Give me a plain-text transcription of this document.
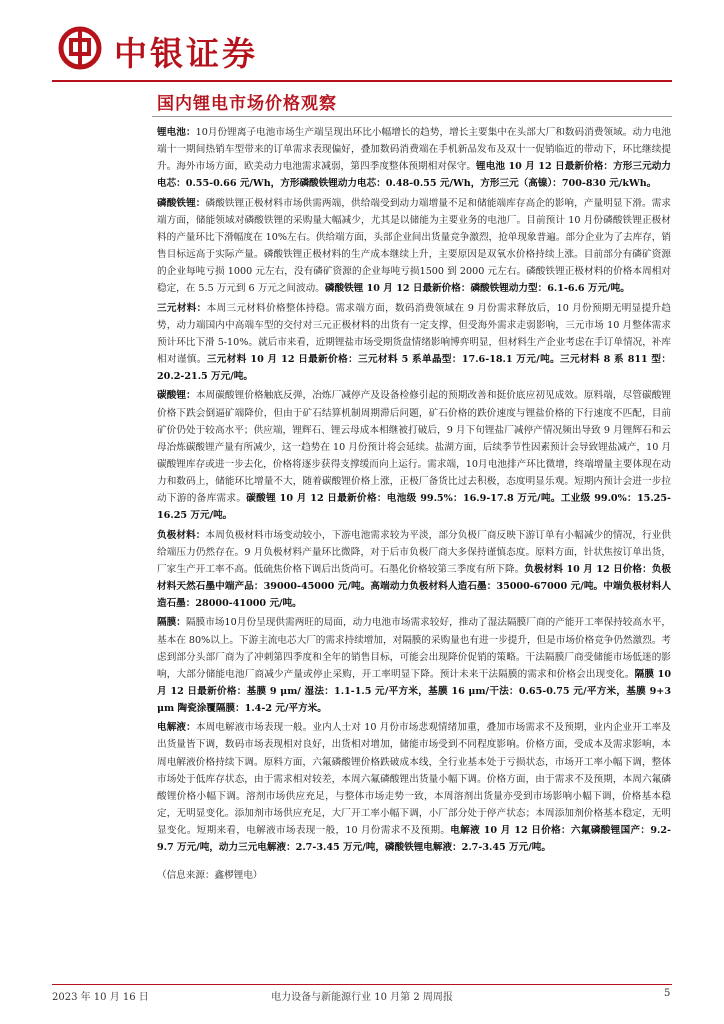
中银证券
国内锂电市场价格观察

锂电池：10月份锂离子电池市场生产端呈现出环比小幅增长的趋势，增长主要集中在头部大厂和数码消费领域。动力电池端十一期间热销车型带来的订单需求表现偏好，叠加数码消费端在手机新品发布及双十一促销临近的带动下，环比继续提升。海外市场方面，欧美动力电池需求减弱，第四季度整体预期相对保守。锂电池 10 月 12 日最新价格：方形三元动力电芯：0.55-0.66 元/Wh，方形磷酸铁锂动力电芯：0.48-0.55 元/Wh，方形三元（高镍）：700-830 元/kWh。

磷酸铁锂：磷酸铁锂正极材料市场供需两端，供给端受到动力端增量不足和储能端库存高企的影响，产量明显下滑。需求端方面，储能领域对磷酸铁锂的采购量大幅减少，尤其是以储能为主要业务的电池厂。目前预计 10 月份磷酸铁锂正极材料的产量环比下滑幅度在 10%左右。供给端方面，头部企业间出货量竞争激烈，抢单现象普遍。部分企业为了去库存，销售目标远高于实际产量。磷酸铁锂正极材料的生产成本继续上升，主要原因是双氧水价格持续上涨。目前部分有磷矿资源的企业每吨亏损 1000 元左右，没有磷矿资源的企业每吨亏损1500 到 2000 元左右。磷酸铁锂正极材料的价格本周相对稳定，在 5.5 万元到 6 万元之间波动。磷酸铁锂 10 月 12 日最新价格：磷酸铁锂动力型：6.1-6.6 万元/吨。

三元材料：本周三元材料价格整体持稳。需求端方面，数码消费领域在 9 月份需求释放后，10 月份预期无明显提升趋势，动力端国内中高端车型的交付对三元正极材料的出货有一定支撑，但受海外需求走弱影响，三元市场 10 月整体需求预计环比下滑 5-10%。就后市来看，近期锂盐市场受期货盘情绪影响博弈明显，但材料生产企业考虑在手订单情况，补库相对谨慎。三元材料 10 月 12 日最新价格：三元材料 5 系单晶型：17.6-18.1 万元/吨。三元材料 8 系 811 型：20.2-21.5 万元/吨。

碳酸锂：本周碳酸锂价格触底反弹，冶炼厂减停产及设备检修引起的预期改善和挺价底应初见成效。原料端，尽管碳酸锂价格下跌会倒逼矿端降价，但由于矿石结算机制周期滞后问题，矿石价格的跌价速度与锂盐价格的下行速度不匹配，目前矿价仍处于较高水平；供应端，锂辉石、锂云母成本相继被打破后，9 月下旬锂盐厂减停产情况频出导致 9 月锂辉石和云母冶炼碳酸锂产量有所减少，这一趋势在 10 月份预计将会延续。盐湖方面，后续季节性因素预计会导致锂盐减产，10 月碳酸锂库存或进一步去化，价格将逐步获得支撑缓而向上运行。需求端，10月电池排产环比微增，终端增量主要体现在动力和数码上，储能环比增量不大，随着碳酸锂价格上涨，正极厂备货比过去积极，态度明显乐观。短期内预计会进一步拉动下游的备库需求。碳酸锂 10 月 12 日最新价格：电池级 99.5%：16.9-17.8 万元/吨。工业级 99.0%：15.25-16.25 万元/吨。

负极材料：本周负极材料市场变动较小，下游电池需求较为平淡，部分负极厂商反映下游订单有小幅减少的情况，行业供给端压力仍然存在。9 月负极材料产量环比微降，对于后市负极厂商大多保持谨慎态度。原料方面，针状焦按订单出货，厂家生产开工率不高。低硫焦价格下调后出货尚可。石墨化价格较第三季度有所下降。负极材料 10 月 12 日价格：负极材料天然石墨中端产品：39000-45000 元/吨。高端动力负极材料人造石墨：35000-67000 元/吨。中端负极材料人造石墨：28000-41000 元/吨。

隔膜：隔膜市场10月份呈现供需两旺的局面，动力电池市场需求较好，推动了湿法隔膜厂商的产能开工率保持较高水平，基本在 80%以上。下游主流电芯大厂的需求持续增加，对隔膜的采购量也有进一步提升，但是市场价格竞争仍然激烈。考虑到部分头部厂商为了冲刺第四季度和全年的销售目标，可能会出现降价促销的策略。干法隔膜厂商受储能市场低迷的影响，大部分储能电池厂商减少产量或停止采购，开工率明显下降。预计未来干法隔膜的需求和价格会出现变化。隔膜 10 月 12 日最新价格：基膜 9 μm/ 湿法：1.1-1.5 元/平方米，基膜 16 μm/干法：0.65-0.75 元/平方米，基膜 9+3 μm 陶瓷涂覆隔膜：1.4-2 元/平方米。

电解液：本周电解液市场表现一般。业内人士对 10 月份市场悲观情绪加重，叠加市场需求不及预期，业内企业开工率及出货量皆下调，数码市场表现相对良好，出货相对增加，储能市场受到不同程度影响。价格方面，受成本及需求影响，本周电解液价格持续下调。原料方面，六氟磷酸锂价格跌破成本线，全行业基本处于亏损状态，市场开工率小幅下调，整体市场处于低库存状态，由于需求相对较差，本周六氟磷酸锂出货量小幅下调。价格方面，由于需求不及预期，本周六氟磷酸锂价格小幅下调。溶剂市场供应充足，与整体市场走势一致，本周溶剂出货量亦受到市场影响小幅下调，价格基本稳定，无明显变化。添加剂市场供应充足，大厂开工率小幅下调，小厂部分处于停产状态；本周添加剂价格基本稳定，无明显变化。短期来看，电解液市场表现一般，10 月份需求不及预期。电解液 10 月 12 日价格：六氟磷酸锂国产：9.2-9.7 万元/吨，动力三元电解液：2.7-3.45 万元/吨，磷酸铁锂电解液：2.7-3.45 万元/吨。

（信息来源：鑫椤锂电）
2023 年 10 月 16 日	电力设备与新能源行业 10 月第 2 周周报	5
